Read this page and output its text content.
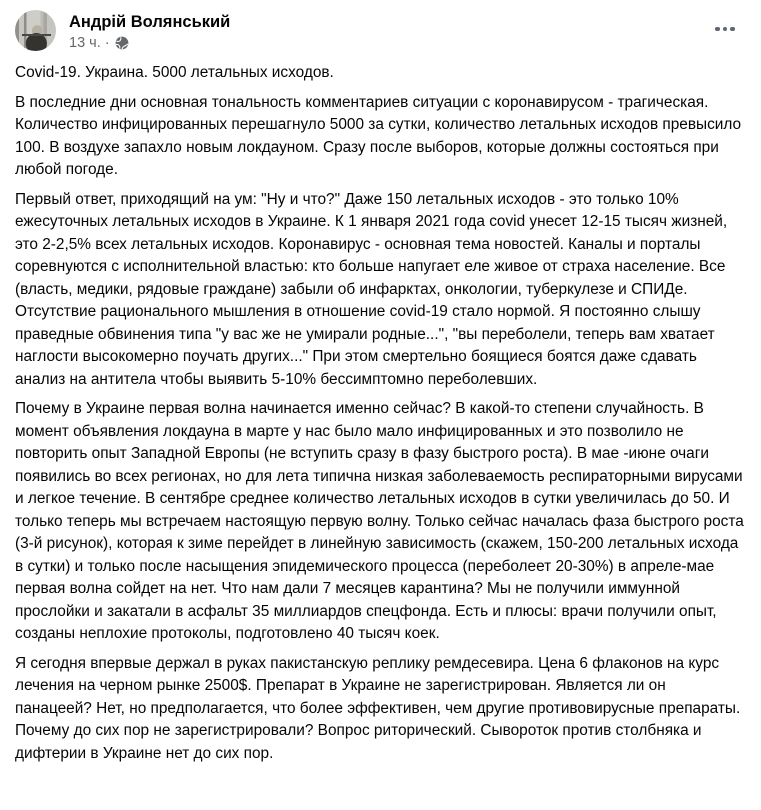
Андрій Волянський
13 ч. ·
Covid-19. Украина. 5000 летальных исходов.
В последние дни основная тональность комментариев ситуации с коронавирусом - трагическая. Количество инфицированных перешагнуло 5000 за сутки, количество летальных исходов превысило 100. В воздухе запахло новым локдауном. Сразу после выборов, которые должны состояться при любой погоде.
Первый ответ, приходящий на ум: "Ну и что?" Даже 150 летальных исходов - это только 10% ежесуточных летальных исходов в Украине. К 1 января 2021 года covid унесет 12-15 тысяч жизней, это 2-2,5% всех летальных исходов. Коронавирус - основная тема новостей. Каналы и порталы соревнуются с исполнительной властью: кто больше напугает еле живое от страха население. Все (власть, медики, рядовые граждане) забыли об инфарктах, онкологии, туберкулезе и СПИДе. Отсутствие рационального мышления в отношение covid-19 стало нормой. Я постоянно слышу праведные обвинения типа "у вас же не умирали родные...", "вы переболели, теперь вам хватает наглости высокомерно поучать других..." При этом смертельно боящиеся боятся даже сдавать анализ на антитела чтобы выявить 5-10% бессимптомно переболевших.
Почему в Украине первая волна начинается именно сейчас? В какой-то степени случайность. В момент объявления локдауна в марте у нас было мало инфицированных и это позволило не повторить опыт Западной Европы (не вступить сразу в фазу быстрого роста). В мае -июне очаги появились во всех регионах, но для лета типична низкая заболеваемость респираторными вирусами и легкое течение. В сентябре среднее количество летальных исходов в сутки увеличилась до 50. И только теперь мы встречаем настоящую первую волну. Только сейчас началась фаза быстрого роста (3-й рисунок), которая к зиме перейдет в линейную зависимость (скажем, 150-200 летальных исхода в сутки) и только после насыщения эпидемического процесса (переболеет 20-30%) в апреле-мае первая волна сойдет на нет. Что нам дали 7 месяцев карантина? Мы не получили иммунной прослойки и закатали в асфальт 35 миллиардов спецфонда. Есть и плюсы: врачи получили опыт, созданы неплохие протоколы, подготовлено 40 тысяч коек.
Я сегодня впервые держал в руках пакистанскую реплику ремдесевира. Цена 6 флаконов на курс лечения на черном рынке 2500$. Препарат в Украине не зарегистрирован. Является ли он панацеей? Нет, но предполагается, что более эффективен, чем другие противовирусные препараты.  Почему до сих пор не зарегистрировали? Вопрос риторический. Сывороток против столбняка и дифтерии в Украине нет до сих пор.
